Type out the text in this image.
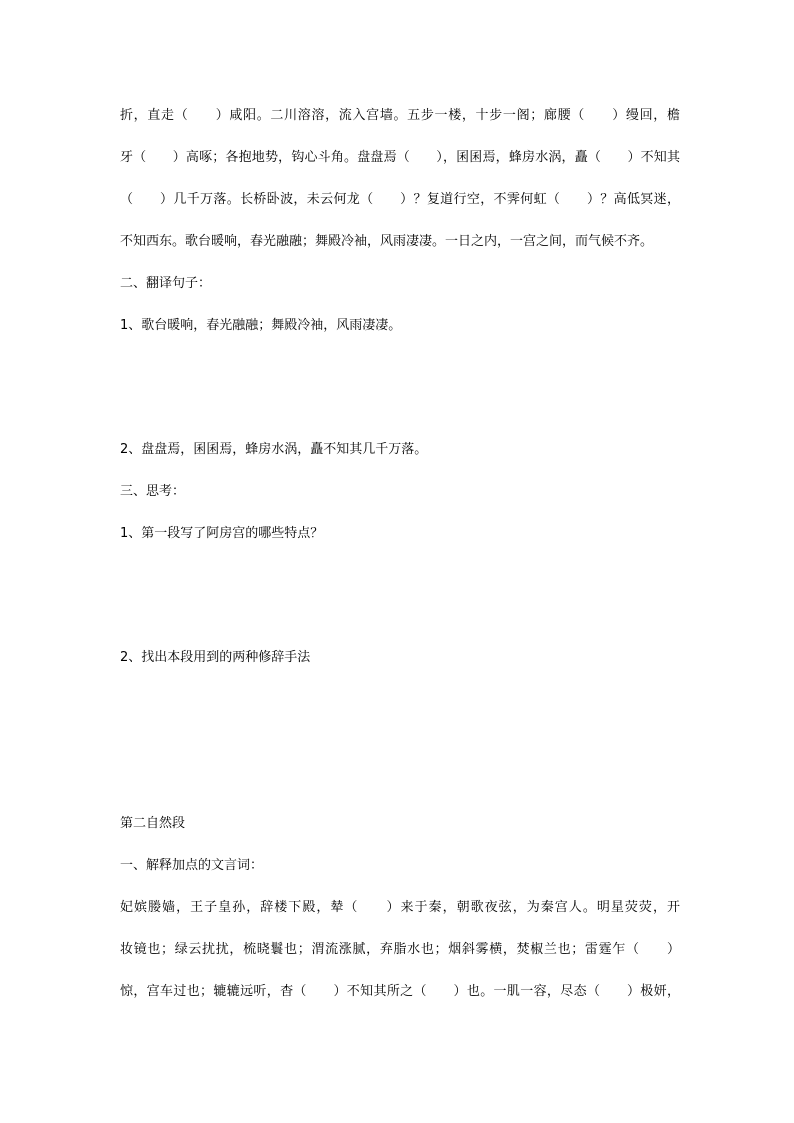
折，直走（　　）咸阳。二川溶溶，流入宫墙。五步一楼，十步一阁；廊腰（　　）缦回，檐
牙（　　）高啄；各抱地势，钩心斗角。盘盘焉（　　），囷囷焉，蜂房水涡，矗（　　）不知其
（　　）几千万落。长桥卧波，未云何龙（　　）？复道行空，不霁何虹（　　）？高低冥迷，
不知西东。歌台暖响，春光融融；舞殿冷袖，风雨凄凄。一日之内，一宫之间，而气候不齐。
二、翻译句子：
1、歌台暖响，春光融融；舞殿冷袖，风雨凄凄。
2、盘盘焉，囷囷焉，蜂房水涡，矗不知其几千万落。
三、思考：
1、第一段写了阿房宫的哪些特点？
2、找出本段用到的两种修辞手法
第二自然段
一、解释加点的文言词：
妃嫔媵嫱，王子皇孙，辞楼下殿，辇（　　）来于秦，朝歌夜弦，为秦宫人。明星荧荧，开
妆镜也；绿云扰扰，梳晓鬟也；渭流涨腻，弃脂水也；烟斜雾横，焚椒兰也；雷霆乍（　　）
惊，宫车过也；辘辘远听，杳（　　）不知其所之（　　）也。一肌一容，尽态（　　）极妍，
